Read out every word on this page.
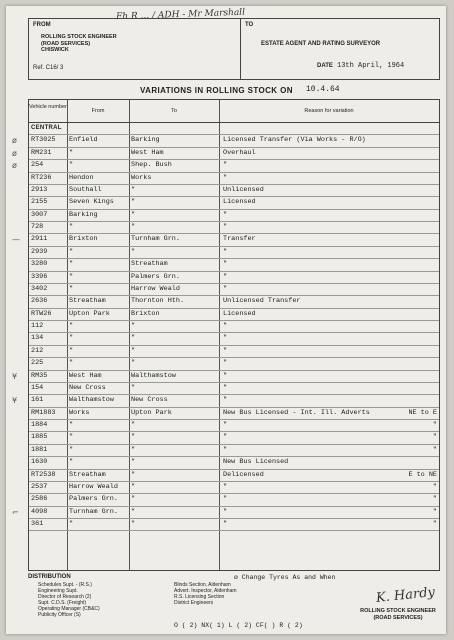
Fh R ... / ADH - Mr Marshall
FROM
ROLLING STOCK ENGINEER
(ROAD SERVICES)
CHISWICK
Ref. C16/ 3
TO
ESTATE AGENT AND RATING SURVEYOR
DATE 13th April, 1964
VARIATIONS IN ROLLING STOCK ON 10.4.64
Vehicle number
From	To	Reason for variation
CENTRAL
RT3025	Enfield	Barking	Licensed Transfer (Via Works - R/O)
ø
RM231	"	West Ham	Overhaul
ø
254	"	Shep. Bush	"
ø
RT236	Hendon	Works	"
2913	Southall	"	Unlicensed
2155	Seven Kings	"	Licensed
3007	Barking	"	"
728	"	"	"
2911	Brixton	Turnham Grn.	Transfer
—
2939	"	"	"
3280	"	Streatham	"
3396	"	Palmers Grn.	"
3402	"	Harrow Weald	"
2636	Streatham	Thornton Hth.	Unlicensed Transfer
RTW26	Upton Park	Brixton	Licensed
112	"	"	"
134	"	"	"
212	"	"	"
225	"	"	"
RM35	West Ham	Walthamstow	"
¥
154	New Cross	"	"
161	Walthamstow	New Cross	"
¥
RM1883	Works	Upton Park	New Bus Licensed - Int. Ill. Adverts	NE to E
1884	"	"	"	"
1885	"	"	"	"
1881	"	"	"	"
1630	"	"	New Bus Licensed
RT2538	Streatham	"	Delicensed	E to NE
2537	Harrow Weald	"	"	"
2586	Palmers Grn.	"	"	"
4098	Turnham Grn.	"	"	"
⌐
361	"	"	"	"
DISTRIBUTION
Schedules Supt. - (R.S.)
Engineering Supt.
Director of Research (2)
Supt. C.D.S. (Freight)
Operating Manager (CB&C)
Publicity Officer (S)
Blinds Section, Aldenham
Advert. Inspector, Aldenham
R.S. Licensing Section
District Engineers
O ( 2) NX( 1) L ( 2) CF( ) R ( 2)
ø Change Tyres As and When
K. Hardy
ROLLING STOCK ENGINEER
(ROAD SERVICES)
